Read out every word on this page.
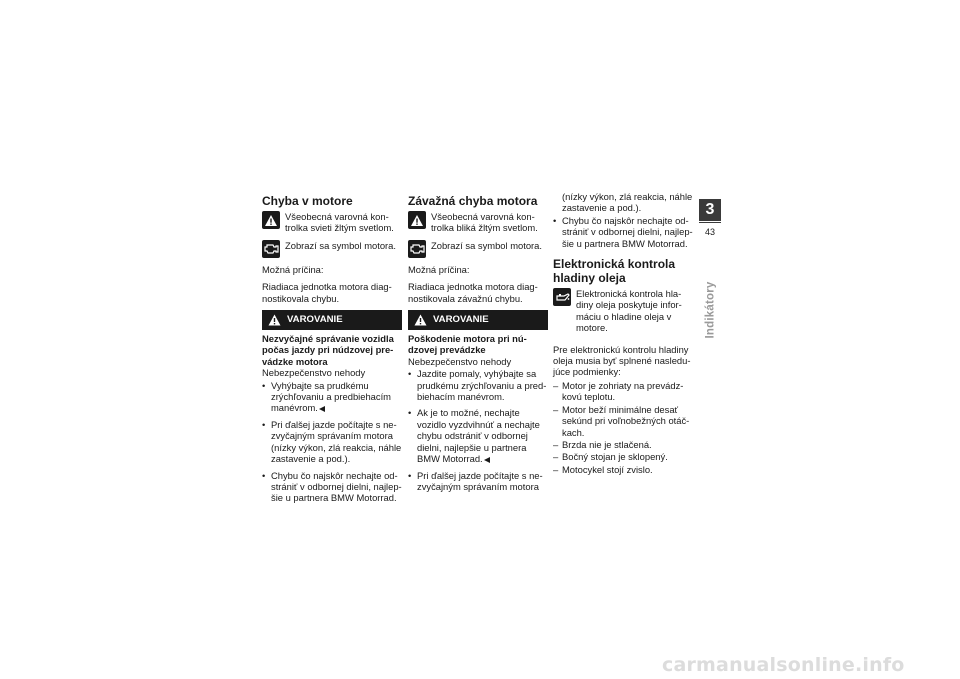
Chyba v motore
Všeobecná varovná kon-trolka svieti žltým svetlom.
Zobrazí sa symbol motora.

Možná príčina:

Riadiaca jednotka motora diag-nostikovala chybu.

VAROVANIE
Nezvyčajné správanie vozidla počas jazdy pri núdzovej pre-vádzke motora
Nebezpečenstvo nehody
• Vyhýbajte sa prudkému zrýchľovaniu a predbiehacím manévrom.
• Pri ďalšej jazde počítajte s ne-zvyčajným správaním motora (nízky výkon, zlá reakcia, náhle zastavenie a pod.).
• Chybu čo najskôr nechajte od-strániť v odbornej dielni, najlep-šie u partnera BMW Motorrad.
Závažná chyba motora
Všeobecná varovná kon-trolka bliká žltým svetlom.
Zobrazí sa symbol motora.

Možná príčina:

Riadiaca jednotka motora diag-nostikovala závažnú chybu.

VAROVANIE
Poškodenie motora pri nú-dzovej prevádzke
Nebezpečenstvo nehody
• Jazdite pomaly, vyhýbajte sa prudkému zrýchľovaniu a pred-biehacím manévrom.
• Ak je to možné, nechajte vozidlo vyzdvihnúť a nechajte chybu odstrániť v odbornej dielni, najlepšie u partnera BMW Motorrad.
• Pri ďalšej jazde počítajte s ne-zvyčajným správaním motora
(nízky výkon, zlá reakcia, náhle zastavenie a pod.).
• Chybu čo najskôr nechajte od-strániť v odbornej dielni, najlep-šie u partnera BMW Motorrad.
Elektronická kontrola hladiny oleja
Elektronická kontrola hla-diny oleja poskytuje infor-máciu o hladine oleja v motore.

Pre elektronickú kontrolu hladiny oleja musia byť splnené nasledu-júce podmienky:

– Motor je zohriaty na prevádz-kovú teplotu.
– Motor beží minimálne desať sekúnd pri voľnobežných otáč-kach.
– Brzda nie je stlačená.
– Bočný stojan je sklopený.
– Motocykel stojí zvislo.
3
43
Indikátory
carmanualsonline.info
